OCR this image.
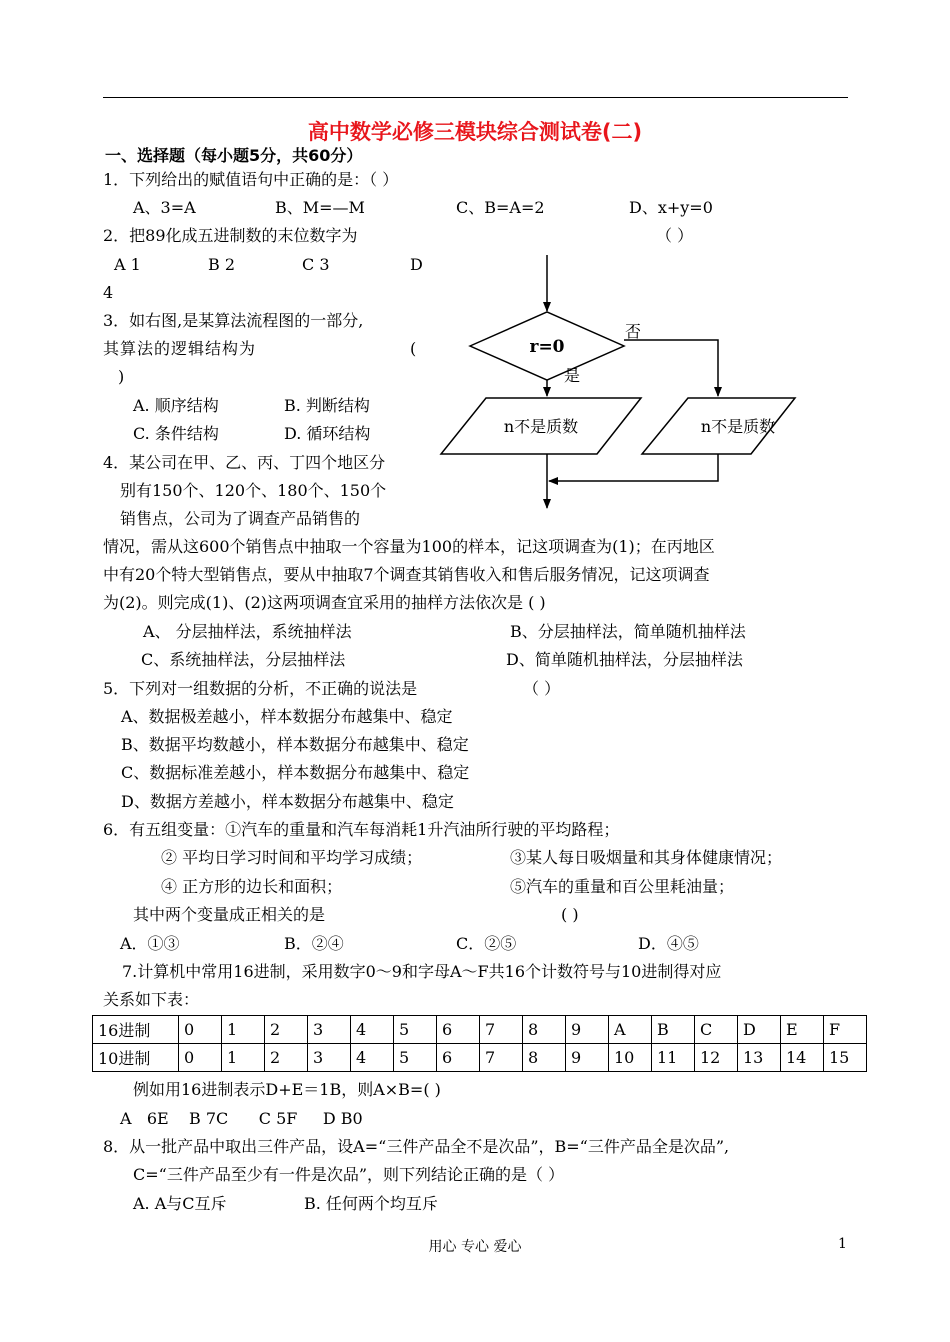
高中数学必修三模块综合测试卷(二)
一、选择题（每小题5分，共60分）
1．下列给出的赋值语句中正确的是：（ ）
A、3=A	B、M=—M	C、B=A=2	D、x+y=0
2．把89化成五进制数的末位数字为	（ ）
A 1	B 2	C 3	D
4
3．如右图,是某算法流程图的一部分,
其算法的逻辑结构为	(
)
A. 顺序结构	B. 判断结构
C. 条件结构	D. 循环结构
r=0
否
是
n不是质数	n不是质数
4．某公司在甲、乙、丙、丁四个地区分
别有150个、120个、180个、150个
销售点，公司为了调查产品销售的
情况，需从这600个销售点中抽取一个容量为100的样本，记这项调查为(1)；在丙地区
中有20个特大型销售点，要从中抽取7个调查其销售收入和售后服务情况，记这项调查
为(2)。则完成(1)、(2)这两项调查宜采用的抽样方法依次是 ( )
A、 分层抽样法，系统抽样法	B、分层抽样法，简单随机抽样法
C、系统抽样法，分层抽样法	D、简单随机抽样法，分层抽样法
5．下列对一组数据的分析，不正确的说法是	（ ）
A、数据极差越小，样本数据分布越集中、稳定
B、数据平均数越小，样本数据分布越集中、稳定
C、数据标准差越小，样本数据分布越集中、稳定
D、数据方差越小，样本数据分布越集中、稳定
6．有五组变量：①汽车的重量和汽车每消耗1升汽油所行驶的平均路程；
② 平均日学习时间和平均学习成绩；	③某人每日吸烟量和其身体健康情况；
④ 正方形的边长和面积；	⑤汽车的重量和百公里耗油量；
其中两个变量成正相关的是	( )
A．①③	B．②④	C．②⑤	D．④⑤
7.计算机中常用16进制，采用数字0～9和字母A～F共16个计数符号与10进制得对应
关系如下表：
16进制	0	1	2	3	4	5	6	7	8	9	A	B	C	D	E	F
10进制	0	1	2	3	4	5	6	7	8	9	10	11	12	13	14	15
例如用16进制表示D+E＝1B，则A×B=( )
A   6E    B 7C      C 5F     D B0
8．从一批产品中取出三件产品，设A=“三件产品全不是次品”，B=“三件产品全是次品”,
C=“三件产品至少有一件是次品”，则下列结论正确的是（ ）
A. A与C互斥	B. 任何两个均互斥
用心 专心 爱心	1
